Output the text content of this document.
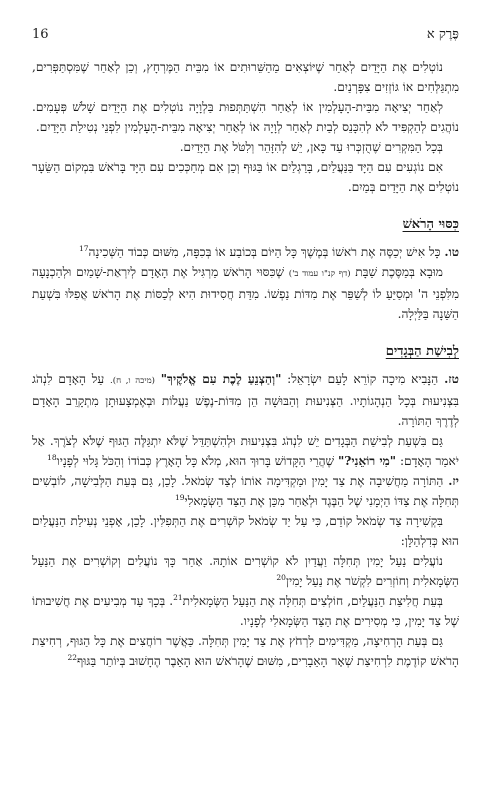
16	פֶּרֶק א

נוֹטְלִים אֶת הַיָּדַיִם לְאַחַר שֶׁיּוֹצְאִים מֵהַשֵּׁרוּתִים אוֹ מִבֵּית הַמֶּרְחָץ, וְכֵן לְאַחַר שֶׁמִּסְתַּפְּרִים, מִתְגַּלְּחִים אוֹ גּוֹזְזִים צִפָּרְנַיִם.

לְאַחַר יְצִיאָה מִבֵּית-הָעָלְמִין אוֹ לְאַחַר הִשְׁתַּתְּפוּת בַּלְוָיָה נוֹטְלִים אֶת הַיָּדַיִם שָׁלֹשׁ פְּעָמִים. נוֹהֲגִים לְהַקְפִּיד לֹא לְהִכָּנֵס לְבַיִת לְאַחַר לְוָיָה אוֹ לְאַחַר יְצִיאָה מִבֵּית-הָעָלְמִין לִפְנֵי נְטִילַת הַיָּדַיִם.

בְּכָל הַמִּקְרִים שֶׁהֻזְכְּרוּ עַד כָּאן, יֵשׁ לְהִזָּהֵר וְלִטֹּל אֶת הַיָּדַיִם.

אִם נוֹגְעִים עִם הַיָּד בַּנַּעֲלַיִם, בָּרַגְלַיִם אוֹ בַּגּוּף וְכֵן אִם מְחַכְּכִים עִם הַיָּד בָּרֹאשׁ בִּמְקוֹם הַשֵּׂעָר נוֹטְלִים אֶת הַיָּדַיִם בְּמַיִם.

כִּסּוּי הָרֹאשׁ

טו. כָּל אִישׁ יְכַסֶּה אֶת רֹאשׁוֹ בְּמֶשֶׁךְ כָּל הַיּוֹם בְּכוֹבַע אוֹ בְּכִפָּה, מִשּׁוּם כְּבוֹד הַשְּׁכִינָה$^{17}$

מוּבָא בְּמַסֶּכֶת שַׁבָּת (דף קנ"ו עמוד ב') שֶׁכִּסּוּי הָרֹאשׁ מַרְגִּיל אֶת הָאָדָם לְיִרְאַת-שָׁמַיִם וּלְהַכְנָעָה מִלִּפְנֵי ה' וּמְסַיֵּעַ לוֹ לְשַׁפֵּר אֶת מִדּוֹת נַפְשׁוֹ. מִדַּת חֲסִידוּת הִיא לְכַסּוֹת אֶת הָרֹאשׁ אֲפִלּוּ בִּשְׁעַת הַשֵּׁנָה בַּלַּיְלָה.

לְבִישַׁת הַבְּגָדִים

טז. הַנָּבִיא מִיכָה קוֹרֵא לָעַם יִשְׂרָאֵל: "וְהַצְנֵעַ לֶכֶת עִם אֱלֹקֶיךָ" (מיכה ו, ח). עַל הָאָדָם לִנְהֹג בִּצְנִיעוּת בְּכָל הַנְהָגוֹתָיו. הַצְּנִיעוּת וְהַבּוּשָׁה הֵן מִדּוֹת-נֶפֶשׁ נַעֲלוֹת וּבְאֶמְצָעוּתָן מִתְקָרֵב הָאָדָם לְדֶרֶךְ הַתּוֹרָה.

גַּם בִּשְׁעַת לְבִישַׁת הַבְּגָדִים יֵשׁ לִנְהֹג בִּצְנִיעוּת וּלְהִשְׁתַּדֵּל שֶׁלֹּא יִתְגַּלֶּה הַגּוּף שֶׁלֹּא לְצֹרֶךְ. אַל יֹאמַר הָאָדָם: "מִי רוֹאֵנִי?" שֶׁהֲרֵי הַקָּדוֹשׁ בָּרוּךְ הוּא, מְלֹא כָּל הָאָרֶץ כְּבוֹדוֹ וְהַכֹּל גָּלוּי לְפָנָיו$^{18}$

יז. הַתּוֹרָה מַחֲשִׁיבָה אֶת צַד יָמִין וּמַקְדִּימָה אוֹתוֹ לְצַד שְׂמֹאל. לָכֵן, גַּם בְּעֵת הַלְּבִישָׁה, לוֹבְשִׁים תְּחִלָּה אֶת צַדּוֹ הַיְמָנִי שֶׁל הַבֶּגֶד וּלְאַחַר מִכֵּן אֶת הַצַּד הַשְּׂמָאלִי$^{19}$

בִּקְשִׁירָה צַד שְׂמֹאל קוֹדֵם, כִּי עַל יַד שְׂמֹאל קוֹשְׁרִים אֶת הַתְּפִלִּין. לָכֵן, אָפְנֵי נְעִילַת הַנַּעֲלַיִם הוּא כְּדִלְהַלָּן:

נוֹעֲלִים נַעַל יָמִין תְּחִלָּה וַעֲדַיִן לֹא קוֹשְׁרִים אוֹתָהּ. אַחַר כָּךְ נוֹעֲלִים וְקוֹשְׁרִים אֶת הַנַּעַל הַשְּׂמָאלִית וְחוֹזְרִים לִקְשֹׁר אֶת נַעַל יָמִין$^{20}$

בְּעֵת חֲלִיצַת הַנַּעֲלַיִם, חוֹלְצִים תְּחִלָּה אֶת הַנַּעַל הַשְּׂמָאלִית$^{21}$. בְּכָךְ עַד מְבִיעִים אֶת חֲשִׁיבוּתוֹ שֶׁל צַד יָמִין, כִּי מְסִירִים אֶת הַצַּד הַשְּׂמָאלִי לְפָנָיו.

גַּם בְּעֵת הָרְחִיצָה, מַקְדִּימִים לִרְחֹץ אֶת צַד יָמִין תְּחִלָּה. כַּאֲשֶׁר רוֹחֲצִים אֶת כָּל הַגּוּף, רְחִיצַת הָרֹאשׁ קוֹדֶמֶת לִרְחִיצַת שְׁאָר הָאֵבָרִים, מִשּׁוּם שֶׁהָרֹאשׁ הוּא הָאֵבֶר הֶחָשׁוּב בְּיוֹתֵר בַּגּוּף$^{22}$
